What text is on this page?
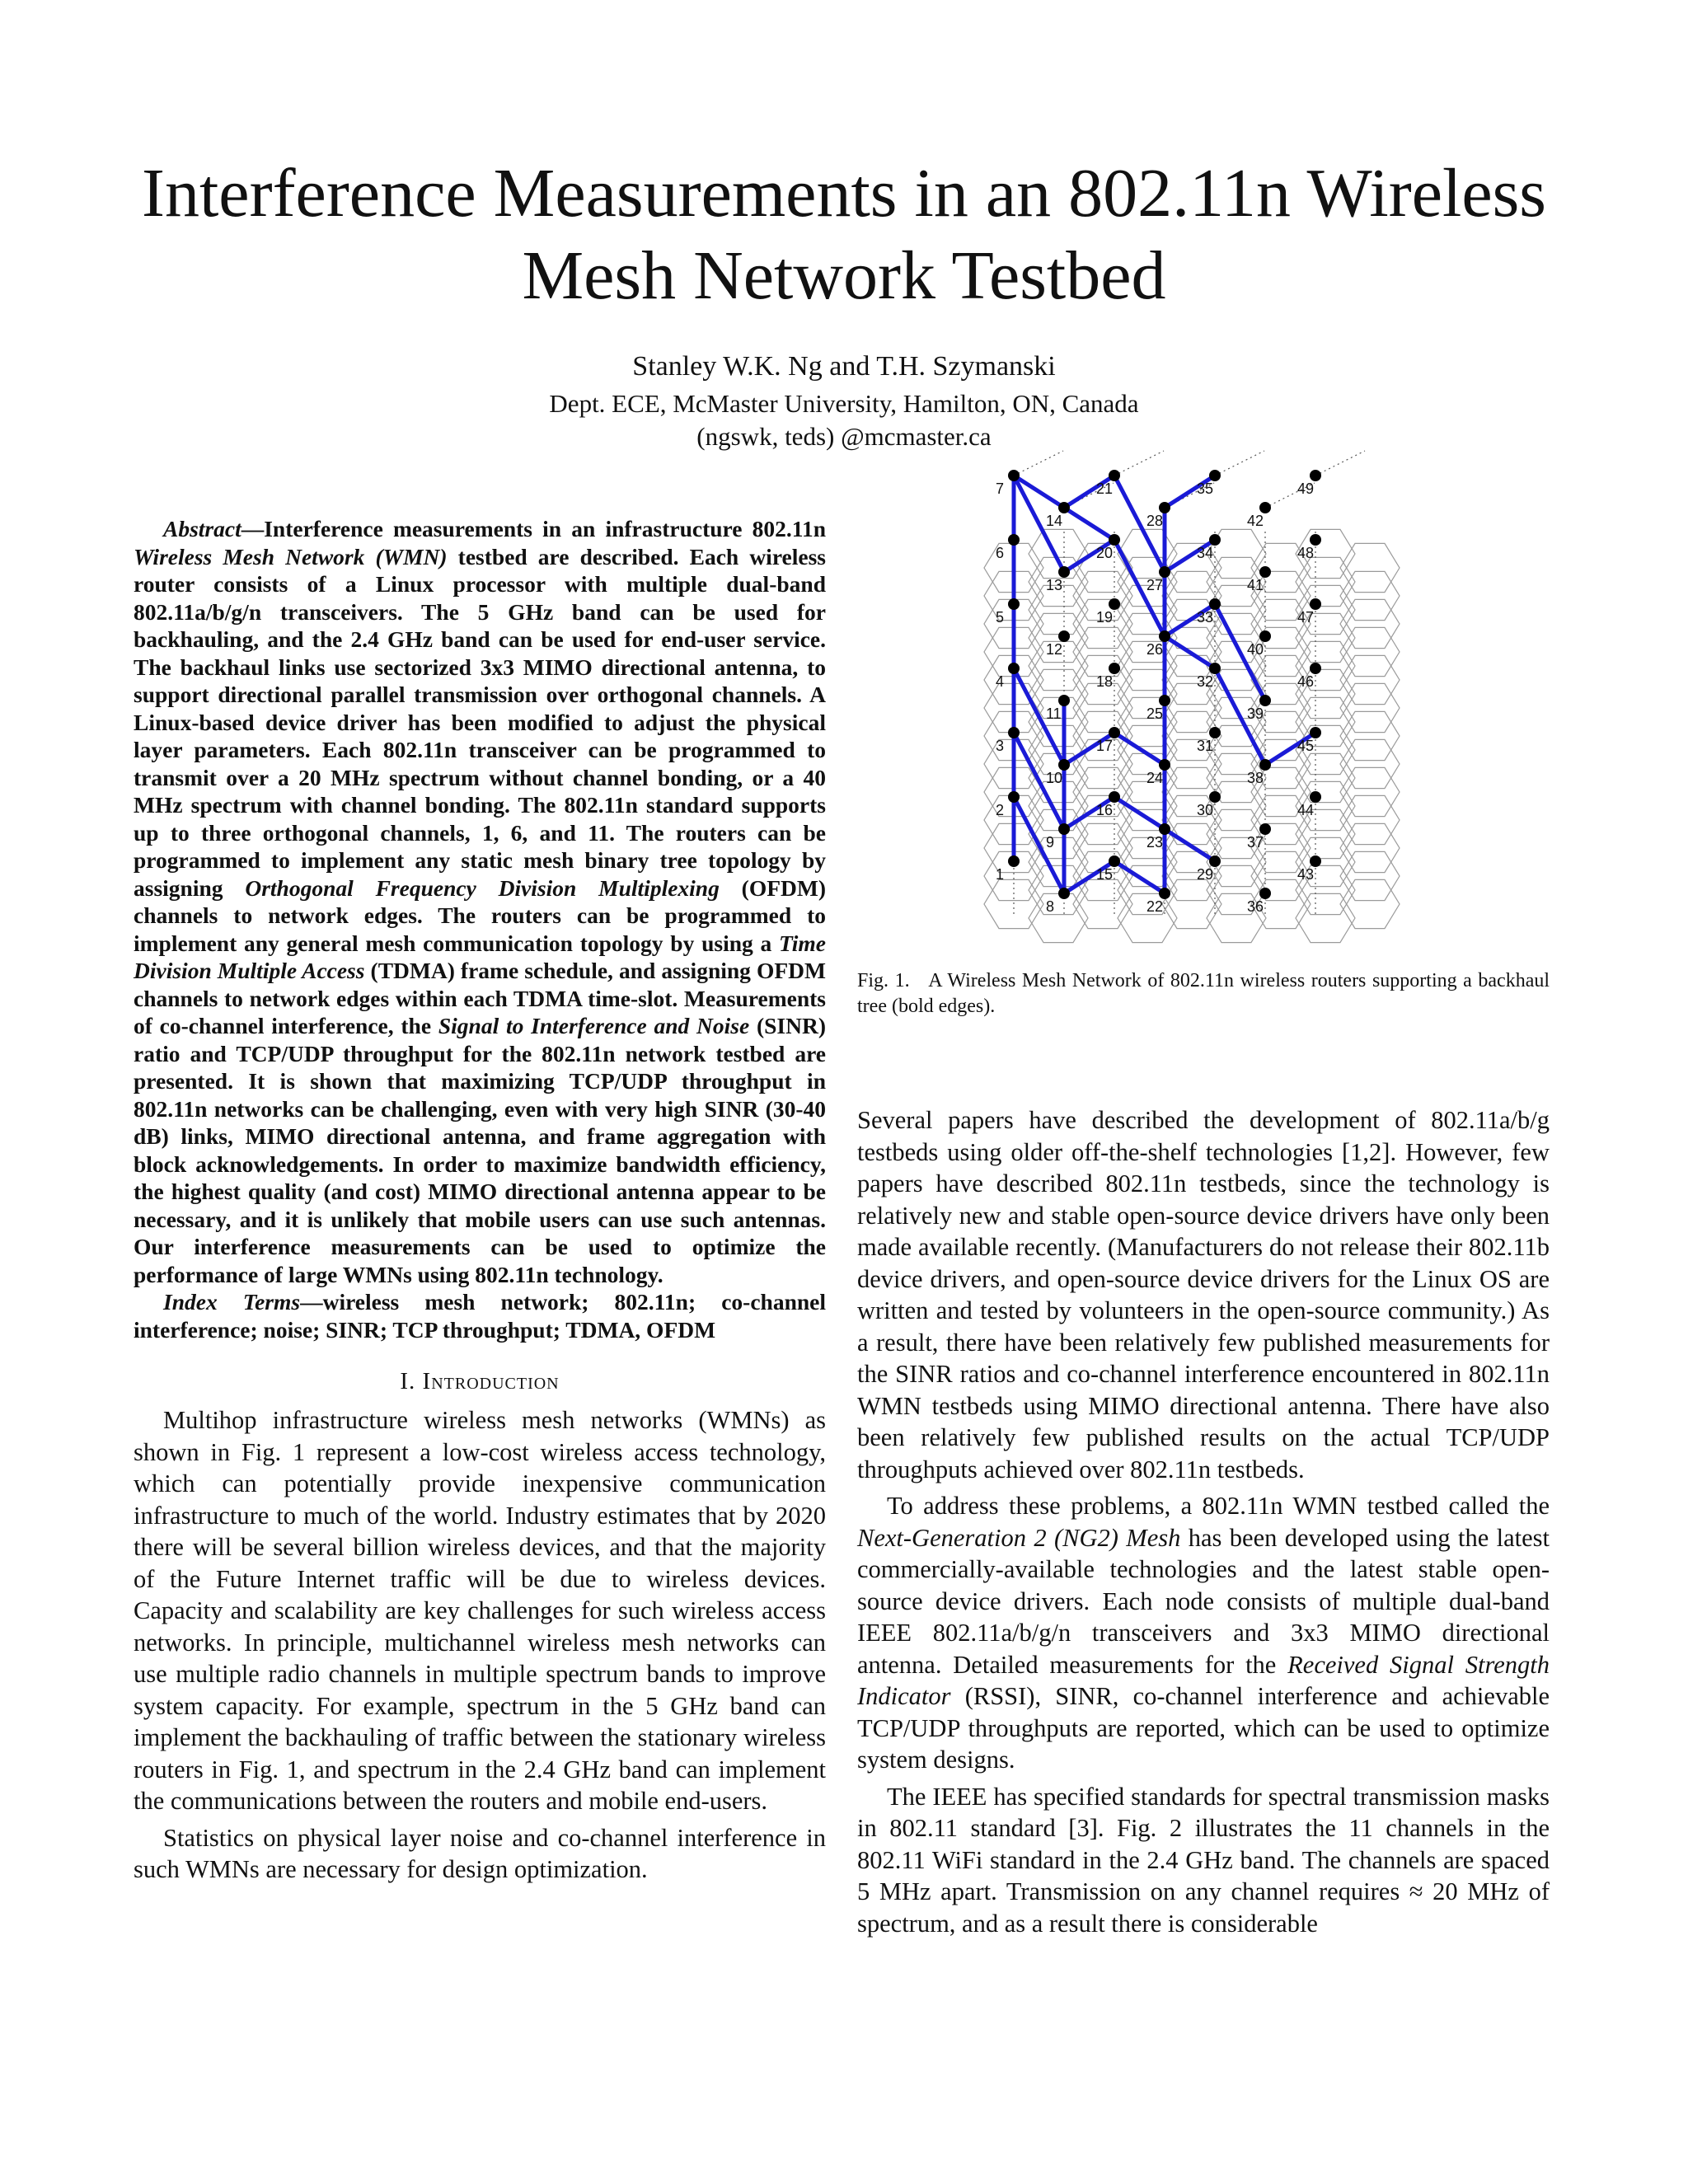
Interference Measurements in an 802.11n Wireless Mesh Network Testbed
Stanley W.K. Ng and T.H. Szymanski
Dept. ECE, McMaster University, Hamilton, ON, Canada
(ngswk, teds) @mcmaster.ca

Abstract—Interference measurements in an infrastructure 802.11n Wireless Mesh Network (WMN) testbed are described. Each wireless router consists of a Linux processor with multiple dual-band 802.11a/b/g/n transceivers. The 5 GHz band can be used for backhauling, and the 2.4 GHz band can be used for end-user service. The backhaul links use sectorized 3x3 MIMO directional antenna, to support directional parallel transmission over orthogonal channels. A Linux-based device driver has been modified to adjust the physical layer parameters. Each 802.11n transceiver can be programmed to transmit over a 20 MHz spectrum without channel bonding, or a 40 MHz spectrum with channel bonding. The 802.11n standard supports up to three orthogonal channels, 1, 6, and 11. The routers can be programmed to implement any static mesh binary tree topology by assigning Orthogonal Frequency Division Multiplexing (OFDM) channels to network edges. The routers can be programmed to implement any general mesh communication topology by using a Time Division Multiple Access (TDMA) frame schedule, and assigning OFDM channels to network edges within each TDMA time-slot. Measurements of co-channel interference, the Signal to Interference and Noise (SINR) ratio and TCP/UDP throughput for the 802.11n network testbed are presented. It is shown that maximizing TCP/UDP throughput in 802.11n networks can be challenging, even with very high SINR (30-40 dB) links, MIMO directional antenna, and frame aggregation with block acknowledgements. In order to maximize bandwidth efficiency, the highest quality (and cost) MIMO directional antenna appear to be necessary, and it is unlikely that mobile users can use such antennas. Our interference measurements can be used to optimize the performance of large WMNs using 802.11n technology.

Index Terms—wireless mesh network; 802.11n; co-channel interference; noise; SINR; TCP throughput; TDMA, OFDM

I. Introduction

Multihop infrastructure wireless mesh networks (WMNs) as shown in Fig. 1 represent a low-cost wireless access technology, which can potentially provide inexpensive communication infrastructure to much of the world. Industry estimates that by 2020 there will be several billion wireless devices, and that the majority of the Future Internet traffic will be due to wireless devices. Capacity and scalability are key challenges for such wireless access networks. In principle, multichannel wireless mesh networks can use multiple radio channels in multiple spectrum bands to improve system capacity. For example, spectrum in the 5 GHz band can implement the backhauling of traffic between the stationary wireless routers in Fig. 1, and spectrum in the 2.4 GHz band can implement the communications between the routers and mobile end-users.

Statistics on physical layer noise and co-channel interference in such WMNs are necessary for design optimization.

1
2
3
4
5
6
7
8
9
10
11
12
13
14
15
16
17
18
19
20
21
22
23
24
25
26
27
28
29
30
31
32
33
34
35
36
37
38
39
40
41
42
43
44
45
46
47
48
49
Fig. 1. A Wireless Mesh Network of 802.11n wireless routers supporting a backhaul tree (bold edges).

Several papers have described the development of 802.11a/b/g testbeds using older off-the-shelf technologies [1,2]. However, few papers have described 802.11n testbeds, since the technology is relatively new and stable open-source device drivers have only been made available recently. (Manufacturers do not release their 802.11b device drivers, and open-source device drivers for the Linux OS are written and tested by volunteers in the open-source community.) As a result, there have been relatively few published measurements for the SINR ratios and co-channel interference encountered in 802.11n WMN testbeds using MIMO directional antenna. There have also been relatively few published results on the actual TCP/UDP throughputs achieved over 802.11n testbeds.

To address these problems, a 802.11n WMN testbed called the Next-Generation 2 (NG2) Mesh has been developed using the latest commercially-available technologies and the latest stable open-source device drivers. Each node consists of multiple dual-band IEEE 802.11a/b/g/n transceivers and 3x3 MIMO directional antenna. Detailed measurements for the Received Signal Strength Indicator (RSSI), SINR, co-channel interference and achievable TCP/UDP throughputs are reported, which can be used to optimize system designs.

The IEEE has specified standards for spectral transmission masks in 802.11 standard [3]. Fig. 2 illustrates the 11 channels in the 802.11 WiFi standard in the 2.4 GHz band. The channels are spaced 5 MHz apart. Transmission on any channel requires ≈ 20 MHz of spectrum, and as a result there is considerable
